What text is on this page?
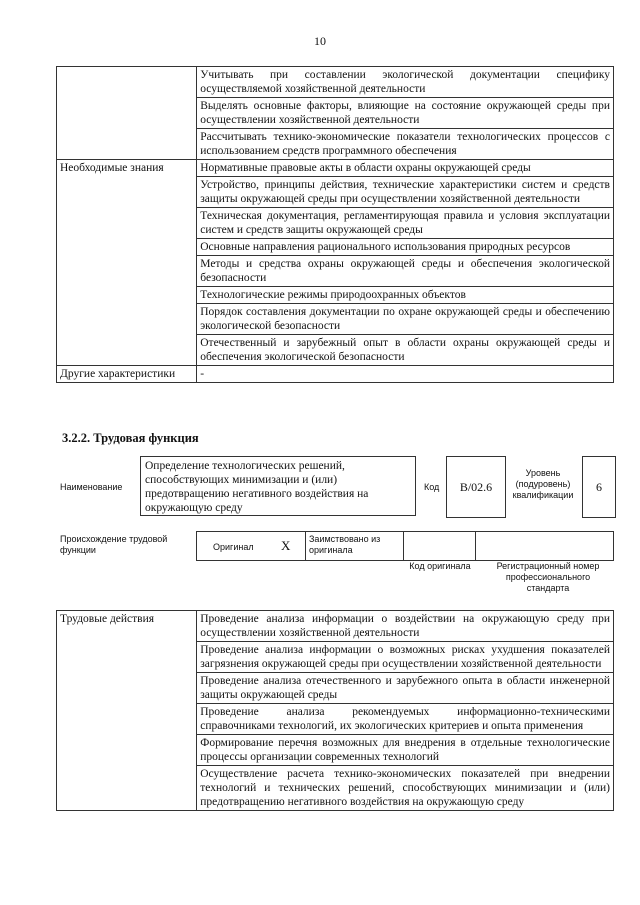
10
	Учитывать при составлении экологической документации специфику осуществляемой хозяйственной деятельности
	Выделять основные факторы, влияющие на состояние окружающей среды при осуществлении хозяйственной деятельности
	Рассчитывать технико-экономические показатели технологических процессов с использованием средств программного обеспечения
Необходимые знания	Нормативные правовые акты в области охраны окружающей среды
	Устройство, принципы действия, технические характеристики систем и средств защиты окружающей среды при осуществлении хозяйственной деятельности
	Техническая документация, регламентирующая правила и условия эксплуатации систем и средств защиты окружающей среды
	Основные направления рационального использования природных ресурсов
	Методы и средства охраны окружающей среды и обеспечения экологической безопасности
	Технологические режимы природоохранных объектов
	Порядок составления документации по охране окружающей среды и обеспечению экологической безопасности
	Отечественный и зарубежный опыт в области охраны окружающей среды и обеспечения экологической безопасности
Другие характеристики	-
3.2.2. Трудовая функция
Наименование
Определение технологических решений, способствующих минимизации и (или) предотвращению негативного воздействия на окружающую среду
Код	B/02.6
Уровень (подуровень) квалификации
6
Происхождение трудовой функции	Оригинал X Заимствовано из оригинала
Код оригинала	Регистрационный номер профессионального стандарта
Трудовые действия	Проведение анализа информации о воздействии на окружающую среду при осуществлении хозяйственной деятельности
Проведение анализа информации о возможных рисках ухудшения показателей загрязнения окружающей среды при осуществлении хозяйственной деятельности
Проведение анализа отечественного и зарубежного опыта в области инженерной защиты окружающей среды
Проведение анализа рекомендуемых информационно-техническими справочниками технологий, их экологических критериев и опыта применения
Формирование перечня возможных для внедрения в отдельные технологические процессы организации современных технологий
Осуществление расчета технико-экономических показателей при внедрении технологий и технических решений, способствующих минимизации и (или) предотвращению негативного воздействия на окружающую среду
